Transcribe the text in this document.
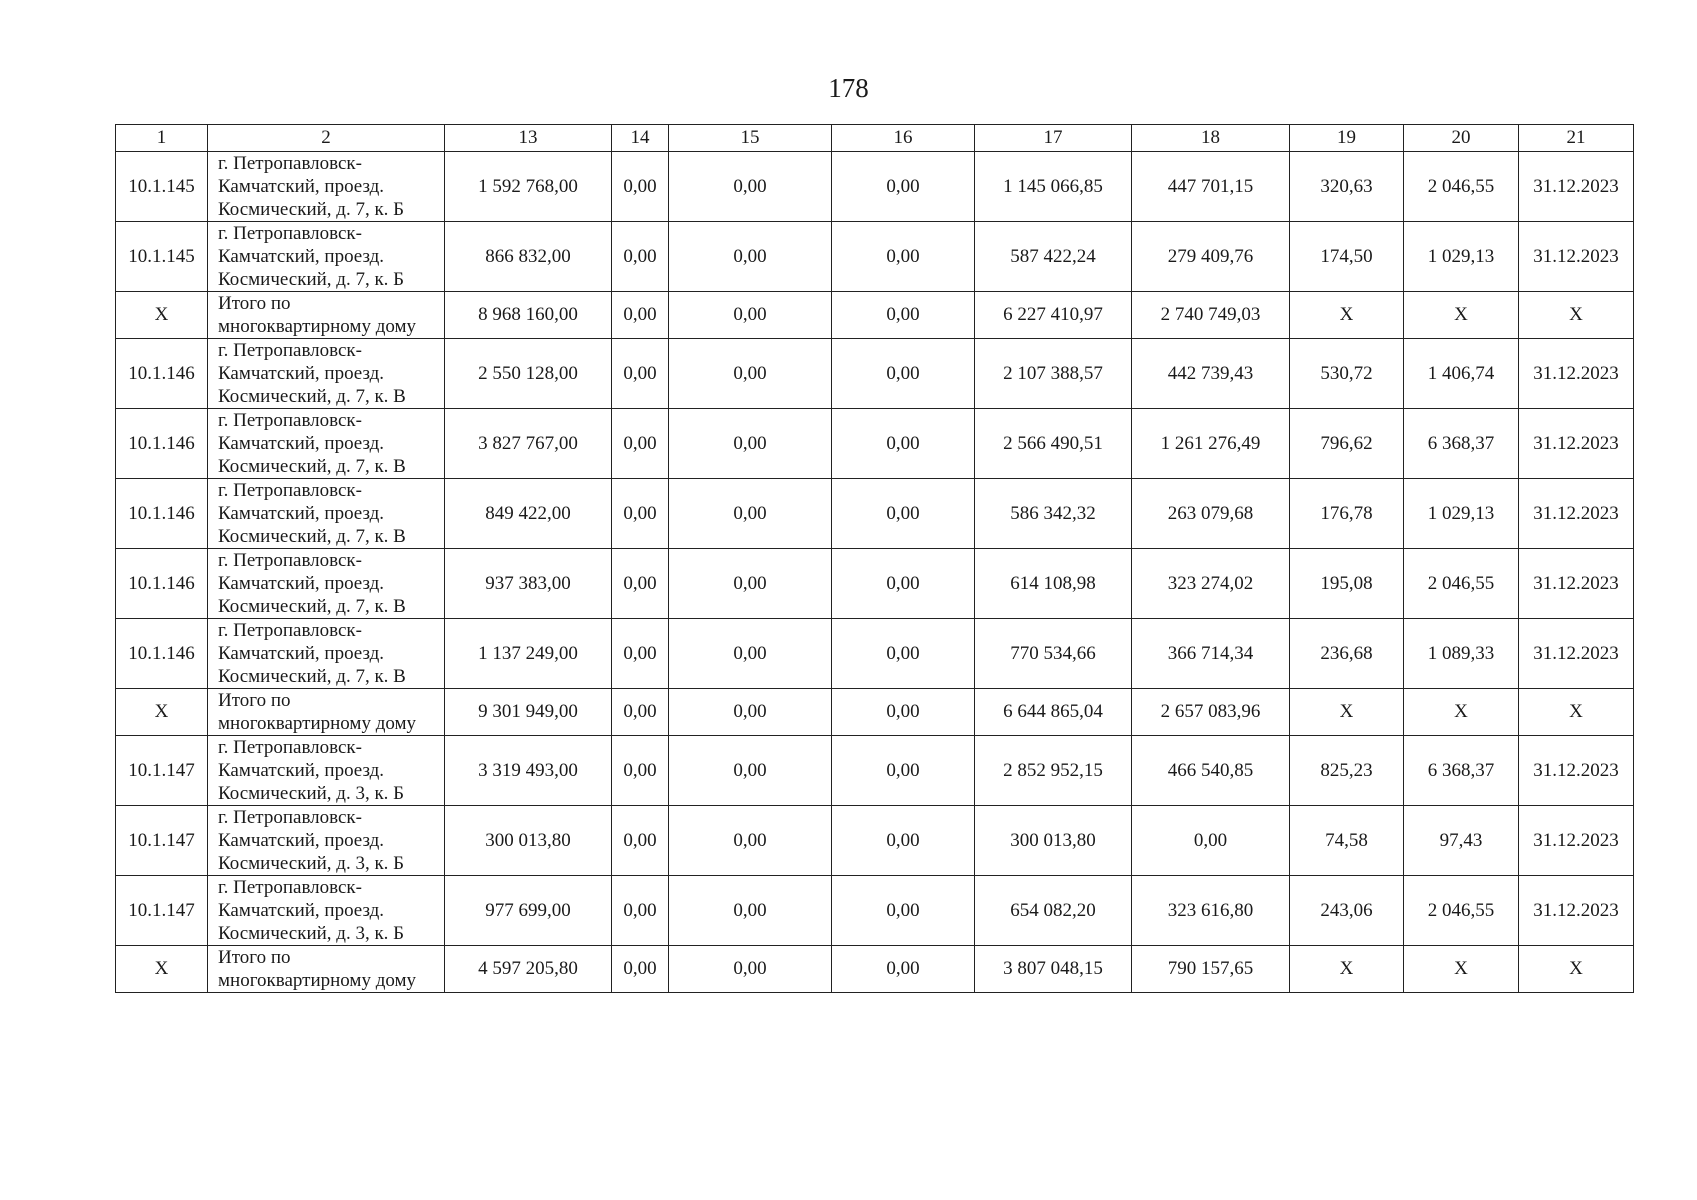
178
1	2	13	14	15	16	17	18	19	20	21
10.1.145	г. Петропавловск-
Камчатский, проезд.
Космический, д. 7, к. Б	1 592 768,00	0,00	0,00	0,00	1 145 066,85	447 701,15	320,63	2 046,55	31.12.2023
10.1.145	г. Петропавловск-
Камчатский, проезд.
Космический, д. 7, к. Б	866 832,00	0,00	0,00	0,00	587 422,24	279 409,76	174,50	1 029,13	31.12.2023
X	Итого по
многоквартирному дому	8 968 160,00	0,00	0,00	0,00	6 227 410,97	2 740 749,03	X	X	X
10.1.146	г. Петропавловск-
Камчатский, проезд.
Космический, д. 7, к. В	2 550 128,00	0,00	0,00	0,00	2 107 388,57	442 739,43	530,72	1 406,74	31.12.2023
10.1.146	г. Петропавловск-
Камчатский, проезд.
Космический, д. 7, к. В	3 827 767,00	0,00	0,00	0,00	2 566 490,51	1 261 276,49	796,62	6 368,37	31.12.2023
10.1.146	г. Петропавловск-
Камчатский, проезд.
Космический, д. 7, к. В	849 422,00	0,00	0,00	0,00	586 342,32	263 079,68	176,78	1 029,13	31.12.2023
10.1.146	г. Петропавловск-
Камчатский, проезд.
Космический, д. 7, к. В	937 383,00	0,00	0,00	0,00	614 108,98	323 274,02	195,08	2 046,55	31.12.2023
10.1.146	г. Петропавловск-
Камчатский, проезд.
Космический, д. 7, к. В	1 137 249,00	0,00	0,00	0,00	770 534,66	366 714,34	236,68	1 089,33	31.12.2023
X	Итого по
многоквартирному дому	9 301 949,00	0,00	0,00	0,00	6 644 865,04	2 657 083,96	X	X	X
10.1.147	г. Петропавловск-
Камчатский, проезд.
Космический, д. 3, к. Б	3 319 493,00	0,00	0,00	0,00	2 852 952,15	466 540,85	825,23	6 368,37	31.12.2023
10.1.147	г. Петропавловск-
Камчатский, проезд.
Космический, д. 3, к. Б	300 013,80	0,00	0,00	0,00	300 013,80	0,00	74,58	97,43	31.12.2023
10.1.147	г. Петропавловск-
Камчатский, проезд.
Космический, д. 3, к. Б	977 699,00	0,00	0,00	0,00	654 082,20	323 616,80	243,06	2 046,55	31.12.2023
X	Итого по
многоквартирному дому	4 597 205,80	0,00	0,00	0,00	3 807 048,15	790 157,65	X	X	X
